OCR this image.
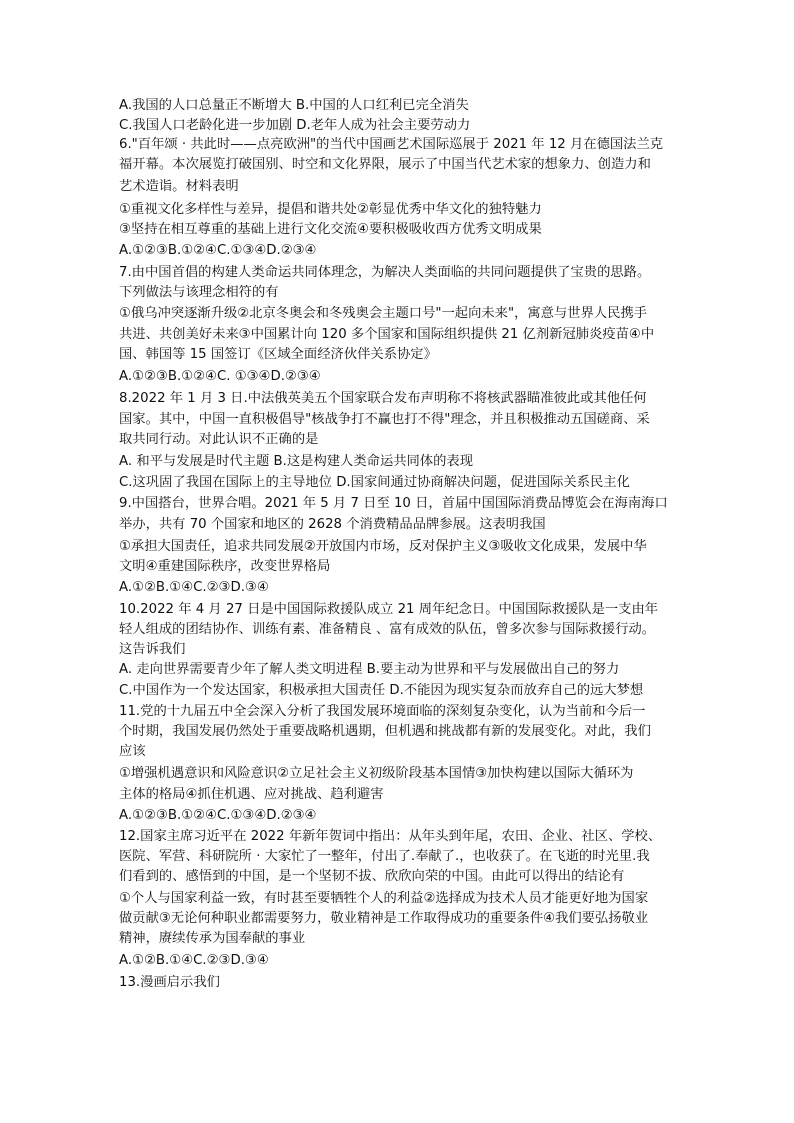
A.我国的人口总量正不断增大 B.中国的人口红利已完全消失
C.我国人口老龄化进一步加剧 D.老年人成为社会主要劳动力
6."百年颂 · 共此时——点亮欧洲"的当代中国画艺术国际巡展于 2021 年 12 月在德国法兰克
福开幕。本次展览打破国别、时空和文化界限，展示了中国当代艺术家的想象力、创造力和
艺术造诣。材料表明
①重视文化多样性与差异，提倡和谐共处②彰显优秀中华文化的独特魅力
③坚持在相互尊重的基础上进行文化交流④要积极吸收西方优秀文明成果
A.①②③B.①②④C.①③④D.②③④
7.由中国首倡的构建人类命运共同体理念，为解决人类面临的共同问题提供了宝贵的思路。
下列做法与该理念相符的有
①俄乌冲突逐渐升级②北京冬奥会和冬残奥会主题口号"一起向未来"，寓意与世界人民携手
共进、共创美好未来③中国累计向 120 多个国家和国际组织提供 21 亿剂新冠肺炎疫苗④中
国、韩国等 15 国签订《区域全面经济伙伴关系协定》
A.①②③B.①②④C. ①③④D.②③④
8.2022 年 1 月 3 日.中法俄英美五个国家联合发布声明称不将核武器瞄准彼此或其他任何
国家。其中，中国一直积极倡导"核战争打不赢也打不得"理念，并且积极推动五国磋商、采
取共同行动。对此认识不正确的是
A. 和平与发展是时代主题 B.这是构建人类命运共同体的表现
C.这巩固了我国在国际上的主导地位 D.国家间通过协商解决问题，促进国际关系民主化
9.中国搭台，世界合唱。2021 年 5 月 7 日至 10 日，首届中国国际消费品博览会在海南海口
举办，共有 70 个国家和地区的 2628 个消费精品品牌参展。这表明我国
①承担大国责任，追求共同发展②开放国内市场，反对保护主义③吸收文化成果，发展中华
文明④重建国际秩序，改变世界格局
A.①②B.①④C.②③D.③④
10.2022 年 4 月 27 日是中国国际救援队成立 21 周年纪念日。中国国际救援队是一支由年
轻人组成的团结协作、训练有素、准备精良 、富有成效的队伍，曾多次参与国际救援行动。
这告诉我们
A. 走向世界需要青少年了解人类文明进程 B.要主动为世界和平与发展做出自己的努力
C.中国作为一个发达国家，积极承担大国责任 D.不能因为现实复杂而放弃自己的远大梦想
11.党的十九届五中全会深入分析了我国发展环境面临的深刻复杂变化，认为当前和今后一
个时期，我国发展仍然处于重要战略机遇期，但机遇和挑战都有新的发展变化。对此，我们
应该
①增强机遇意识和风险意识②立足社会主义初级阶段基本国情③加快构建以国际大循环为
主体的格局④抓住机遇、应对挑战、趋利避害
A.①②③B.①②④C.①③④D.②③④
12.国家主席习近平在 2022 年新年贺词中指出：从年头到年尾，农田、企业、社区、学校、
医院、军营、科研院所 · 大家忙了一整年，付出了.奉献了.，也收获了。在飞逝的时光里.我
们看到的、感悟到的中国，是一个坚韧不拔、欣欣向荣的中国。由此可以得出的结论有
①个人与国家利益一致，有时甚至要牺牲个人的利益②选择成为技术人员才能更好地为国家
做贡献③无论何种职业都需要努力，敬业精神是工作取得成功的重要条件④我们要弘扬敬业
精神，赓续传承为国奉献的事业
A.①②B.①④C.②③D.③④
13.漫画启示我们
